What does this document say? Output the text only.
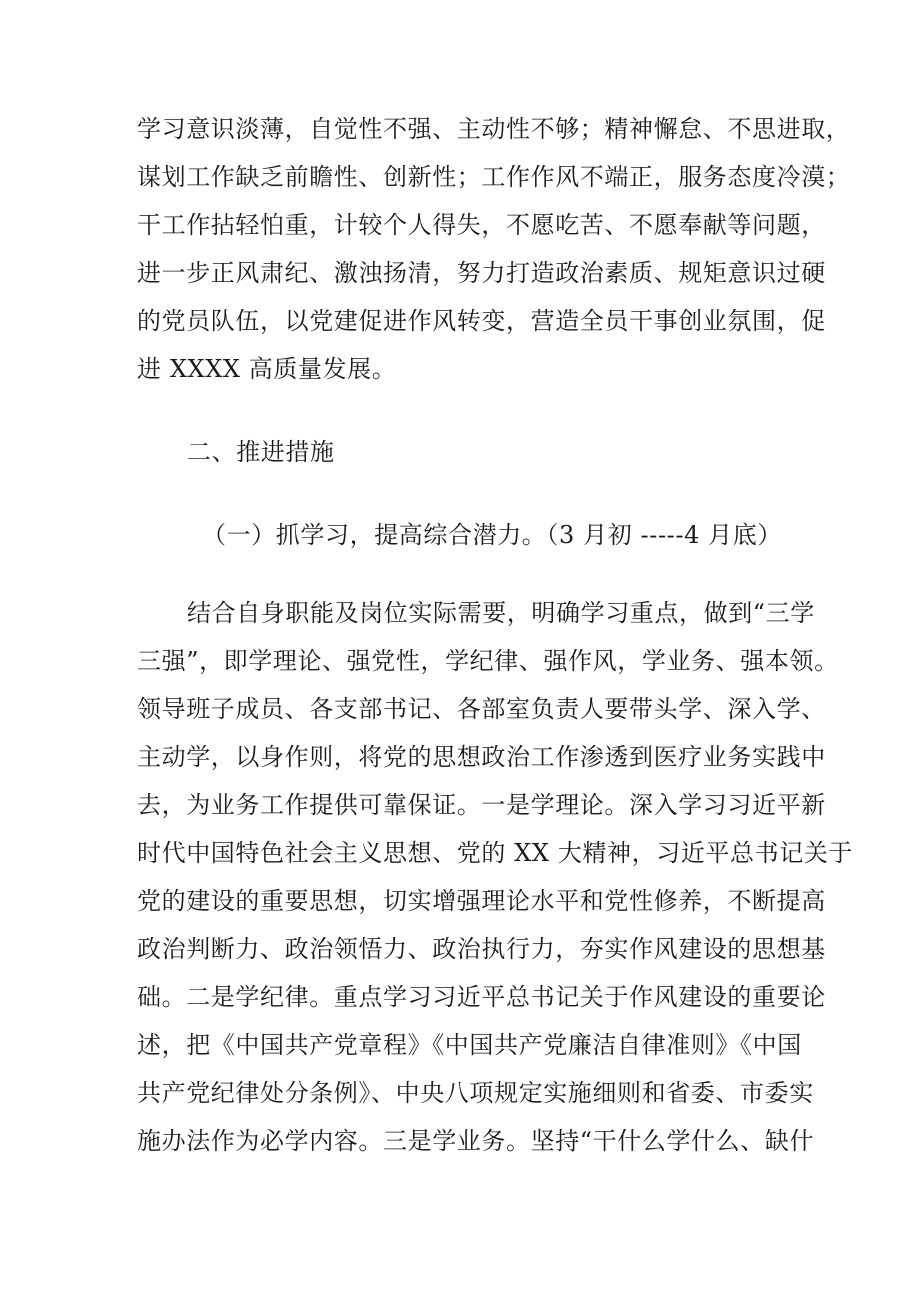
学习意识淡薄，自觉性不强、主动性不够；精神懈怠、不思进取，
谋划工作缺乏前瞻性、创新性；工作作风不端正，服务态度冷漠；
干工作拈轻怕重，计较个人得失，不愿吃苦、不愿奉献等问题，
进一步正风肃纪、激浊扬清，努力打造政治素质、规矩意识过硬
的党员队伍，以党建促进作风转变，营造全员干事创业氛围，促
进 XXXX 高质量发展。
二、推进措施
（一）抓学习，提高综合潜力。（3 月初 -----4 月底）
结合自身职能及岗位实际需要，明确学习重点，做到“三学
三强”，即学理论、强党性，学纪律、强作风，学业务、强本领。
领导班子成员、各支部书记、各部室负责人要带头学、深入学、
主动学，以身作则，将党的思想政治工作渗透到医疗业务实践中
去，为业务工作提供可靠保证。一是学理论。深入学习习近平新
时代中国特色社会主义思想、党的 XX 大精神，习近平总书记关于
党的建设的重要思想，切实增强理论水平和党性修养，不断提高
政治判断力、政治领悟力、政治执行力，夯实作风建设的思想基
础。二是学纪律。重点学习习近平总书记关于作风建设的重要论
述，把《中国共产党章程》《中国共产党廉洁自律准则》《中国
共产党纪律处分条例》、中央八项规定实施细则和省委、市委实
施办法作为必学内容。三是学业务。坚持“干什么学什么、缺什
